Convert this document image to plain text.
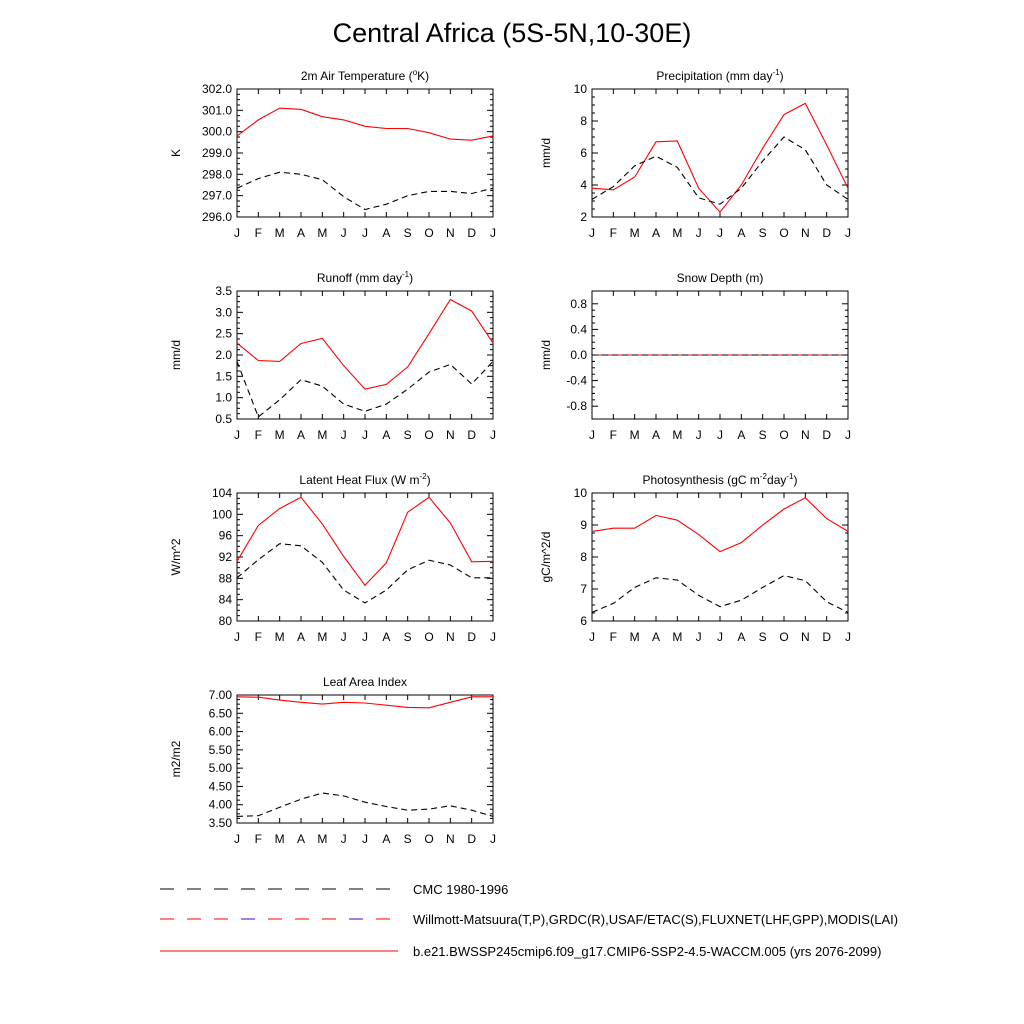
Central Africa (5S-5N,10-30E)
J F M A M J J A S O N D J
296.0
297.0
298.0
299.0
300.0
301.0
302.0
2m Air Temperature ($^o$K)
K
J F M A M J J A S O N D J
2
4
6
8
10
Precipitation (mm day$^{-1}$)
mm/d
J F M A M J J A S O N D J
0.5
1.0
1.5
2.0
2.5
3.0
3.5
Runoff (mm day$^{-1}$)
mm/d
J F M A M J J A S O N D J
-0.8
-0.4
0.0
0.4
0.8
Snow Depth (m)
mm/d
J F M A M J J A S O N D J
80
84
88
92
96
100
104
Latent Heat Flux (W $m^{-2}$)
W/m^2
J F M A M J J A S O N D J
6
7
8
9
10
Photosynthesis (gC $m^{-2}day^{-1}$)
gC/m^2/d
J F M A M J J A S O N D J
3.50
4.00
4.50
5.00
5.50
6.00
6.50
7.00
Leaf Area Index
m2/m2
CMC 1980-1996
Willmott-Matsuura(T,P),GRDC(R),USAF/ETAC(S),FLUXNET(LHF,GPP),MODIS(LAI)
b.e21.BWSSP245cmip6.f09_g17.CMIP6-SSP2-4.5-WACCM.005 (yrs 2076-2099)
